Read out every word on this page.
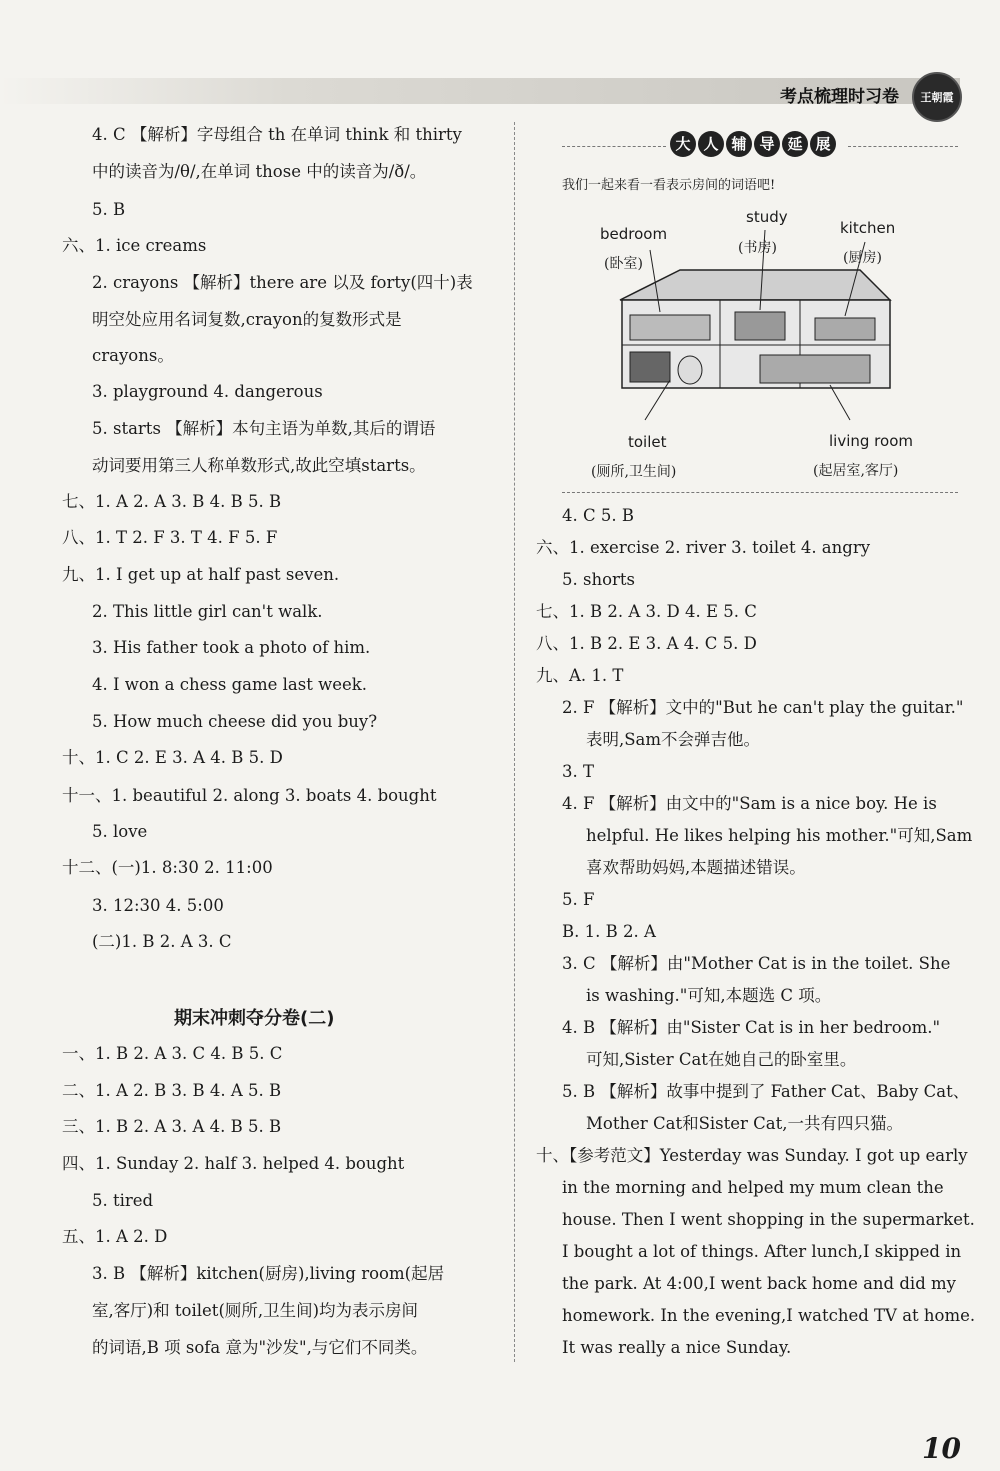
考点梳理时习卷 王朝霞
4. C 【解析】字母组合 th 在单词 think 和 thirty
中的读音为/θ/,在单词 those 中的读音为/ð/。
5. B
六、1. ice creams
2. crayons 【解析】there are 以及 forty(四十)表
明空处应用名词复数,crayon的复数形式是
crayons。
3. playground 4. dangerous
5. starts 【解析】本句主语为单数,其后的谓语
动词要用第三人称单数形式,故此空填starts。
七、1. A 2. A 3. B 4. B 5. B
八、1. T 2. F 3. T 4. F 5. F
九、1. I get up at half past seven.
2. This little girl can't walk.
3. His father took a photo of him.
4. I won a chess game last week.
5. How much cheese did you buy?
十、1. C 2. E 3. A 4. B 5. D
十一、1. beautiful 2. along 3. boats 4. bought
5. love
十二、(一)1. 8:30 2. 11:00
3. 12:30 4. 5:00
(二)1. B 2. A 3. C
一、1. B 2. A 3. C 4. B 5. C
二、1. A 2. B 3. B 4. A 5. B
三、1. B 2. A 3. A 4. B 5. B
四、1. Sunday 2. half 3. helped 4. bought
5. tired
五、1. A 2. D
3. B 【解析】kitchen(厨房),living room(起居
室,客厅)和 toilet(厕所,卫生间)均为表示房间
的词语,B 项 sofa 意为"沙发",与它们不同类。
期末冲刺夺分卷(二)
大 人 辅 导 延 展
我们一起来看一看表示房间的词语吧!
bedroom
(卧室)
study
(书房)
kitchen
(厨房)
toilet
(厕所,卫生间)
living room
(起居室,客厅)
4. C 5. B
六、1. exercise 2. river 3. toilet 4. angry
5. shorts
七、1. B 2. A 3. D 4. E 5. C
八、1. B 2. E 3. A 4. C 5. D
九、A. 1. T
2. F 【解析】文中的"But he can't play the guitar."
表明,Sam不会弹吉他。
3. T
4. F 【解析】由文中的"Sam is a nice boy. He is
helpful. He likes helping his mother."可知,Sam
喜欢帮助妈妈,本题描述错误。
5. F
B. 1. B 2. A
3. C 【解析】由"Mother Cat is in the toilet. She
is washing."可知,本题选 C 项。
4. B 【解析】由"Sister Cat is in her bedroom."
可知,Sister Cat在她自己的卧室里。
5. B 【解析】故事中提到了 Father Cat、Baby Cat、
Mother Cat和Sister Cat,一共有四只猫。
十、【参考范文】Yesterday was Sunday. I got up early
in the morning and helped my mum clean the
house. Then I went shopping in the supermarket.
I bought a lot of things. After lunch,I skipped in
the park. At 4:00,I went back home and did my
homework. In the evening,I watched TV at home.
It was really a nice Sunday.
10
